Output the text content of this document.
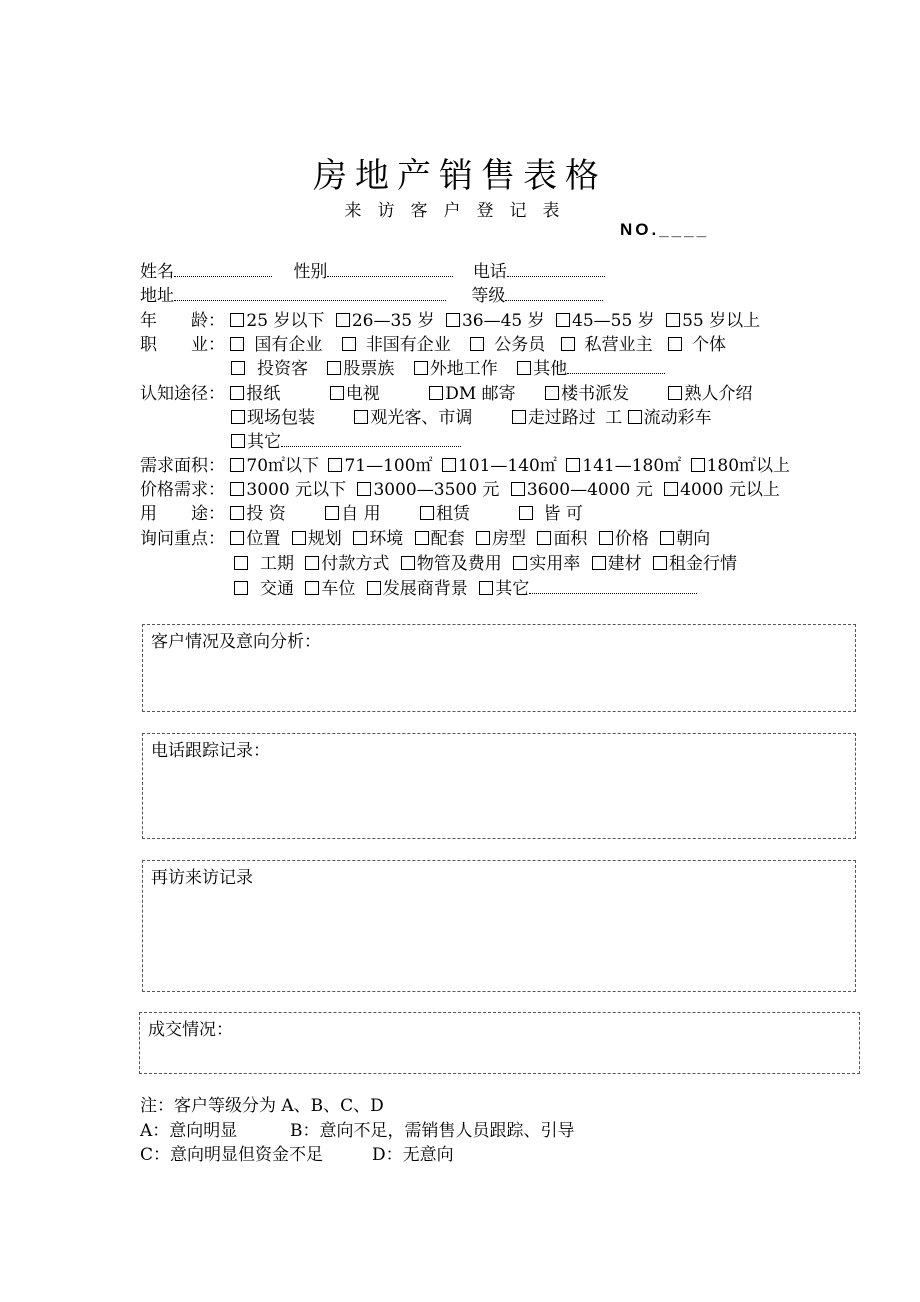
房地产销售表格
来访客户登记表
NO.____
姓名	性别	电话
地址	等级
年　　龄： 25 岁以下 26—35 岁 36—45 岁 45—55 岁 55 岁以上
职　　业： 国有企业	非国有企业	公务员 私营业主 个体
投资客 股票族 外地工作 其他
认知途径： 报纸	电视	DM 邮寄	楼书派发	熟人介绍
现场包装	观光客、市调	走过路过 工 流动彩车
其它
需求面积： 70㎡以下 71—100㎡ 101—140㎡ 141—180㎡ 180㎡以上
价格需求： 3000 元以下 3000—3500 元 3600—4000 元 4000 元以上
用　　途： 投 资	自 用	租赁	皆 可
询问重点： 位置 规划 环境 配套 房型 面积 价格 朝向
工期 付款方式 物管及费用 实用率 建材 租金行情
交通 车位 发展商背景 其它
客户情况及意向分析：
电话跟踪记录：
再访来访记录
成交情况：
注：客户等级分为 A、B、C、D
A：意向明显	B：意向不足，需销售人员跟踪、引导
C：意向明显但资金不足	D：无意向
